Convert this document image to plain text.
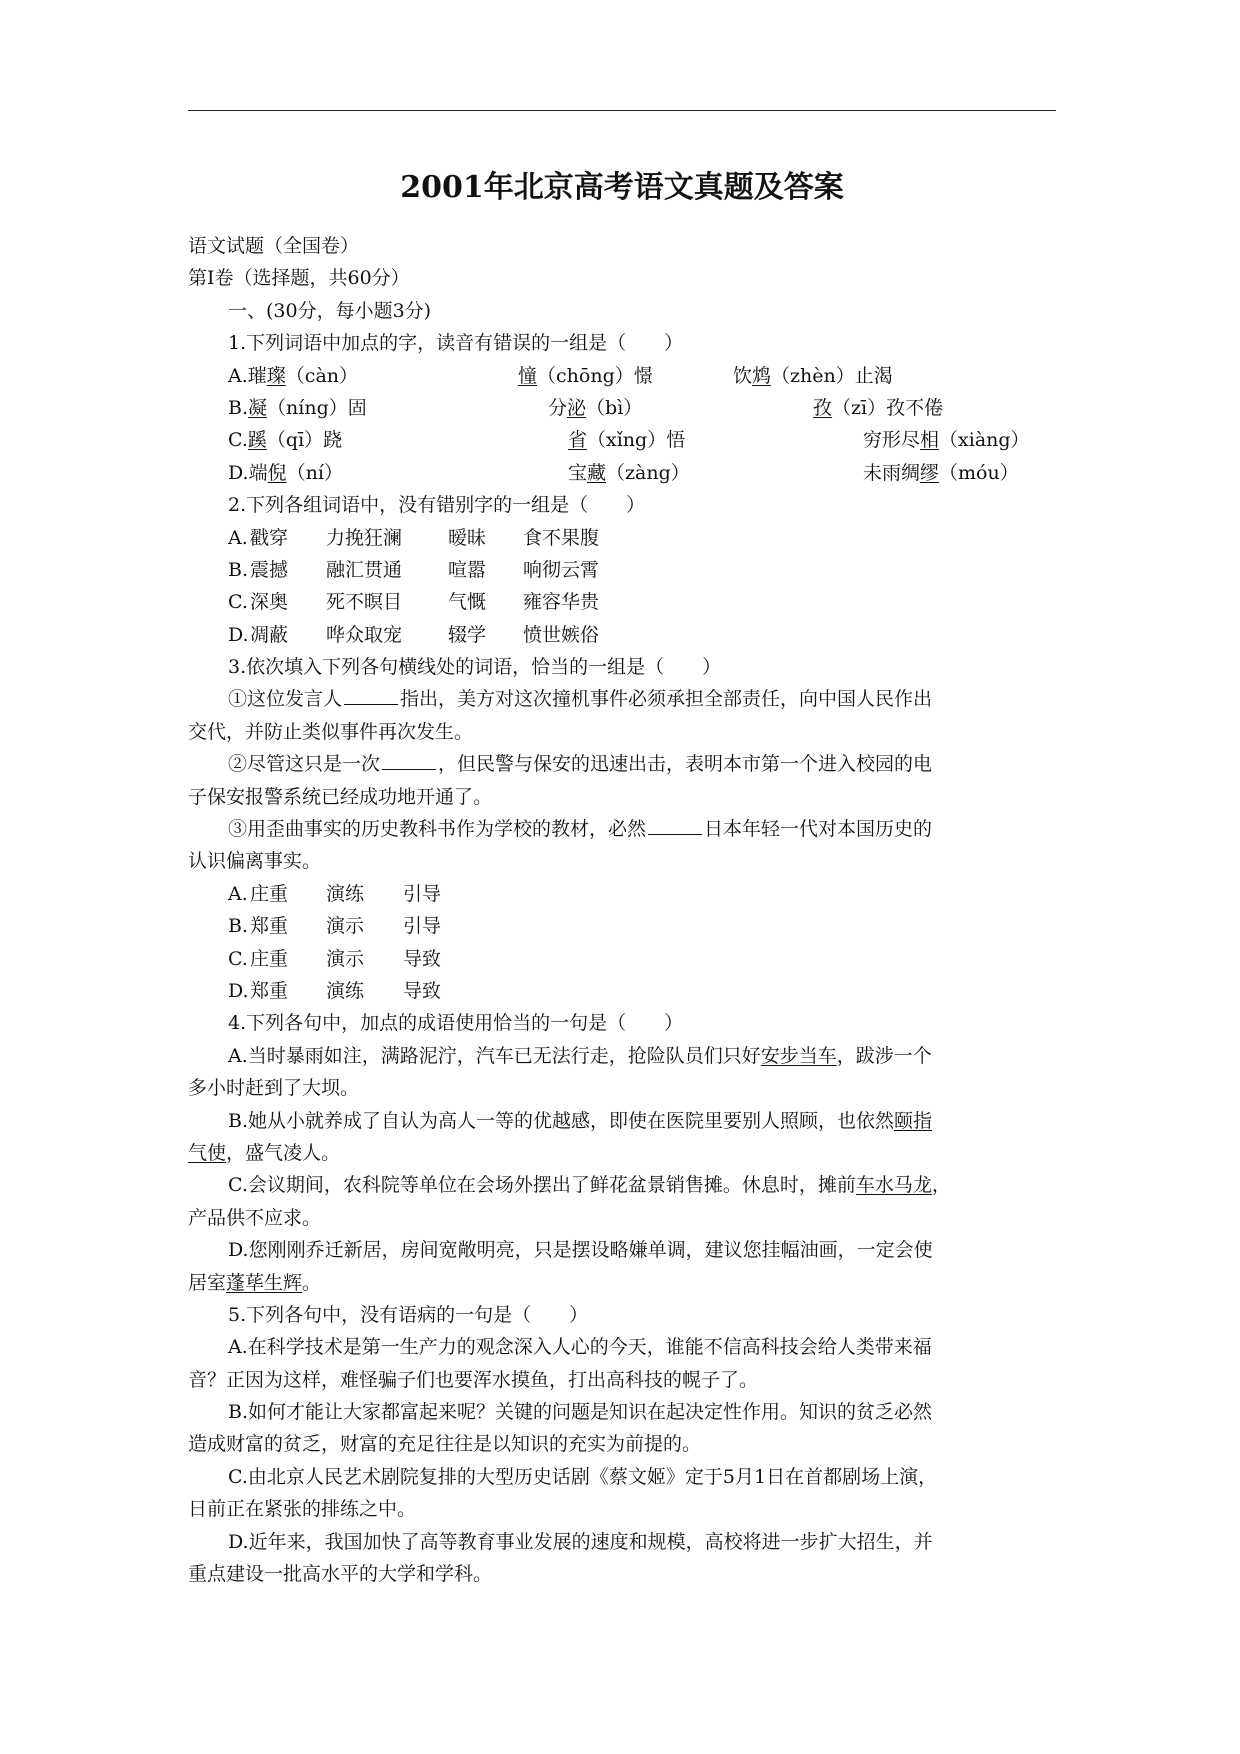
2001年北京高考语文真题及答案
语文试题（全国卷）
第Ⅰ卷（选择题，共60分）
一、(30分，每小题3分)
1.下列词语中加点的字，读音有错误的一组是（　　）
A.璀璨（càn）	憧（chōng）憬	饮鸩（zhèn）止渴
B.凝（níng）固	分泌（bì）	孜（zī）孜不倦
C.蹊（qī）跷	省（xǐng）悟	穷形尽相（xiàng）
D.端倪（ní）	宝藏（zàng）	未雨绸缪（móu）
2.下列各组词语中，没有错别字的一组是（　　）
A. 戳穿 力挽狂澜 暧昧 食不果腹
B. 震撼 融汇贯通 喧嚣 响彻云霄
C. 深奥 死不暝目 气慨 雍容华贵
D. 凋蔽 哗众取宠 辍学 愤世嫉俗
3.依次填入下列各句横线处的词语，恰当的一组是（　　）
①这位发言人	指出，美方对这次撞机事件必须承担全部责任，向中国人民作出
交代，并防止类似事件再次发生。
②尽管这只是一次	，但民警与保安的迅速出击，表明本市第一个进入校园的电
子保安报警系统已经成功地开通了。
③用歪曲事实的历史教科书作为学校的教材，必然	日本年轻一代对本国历史的
认识偏离事实。
A. 庄重 演练 引导
B. 郑重 演示 引导
C. 庄重 演示 导致
D. 郑重 演练 导致
4.下列各句中，加点的成语使用恰当的一句是（　　）
A.当时暴雨如注，满路泥泞，汽车已无法行走，抢险队员们只好安步当车，跋涉一个
多小时赶到了大坝。
B.她从小就养成了自认为高人一等的优越感，即使在医院里要别人照顾，也依然颐指
气使，盛气凌人。
C.会议期间，农科院等单位在会场外摆出了鲜花盆景销售摊。休息时，摊前车水马龙，
产品供不应求。
D.您刚刚乔迁新居，房间宽敞明亮，只是摆设略嫌单调，建议您挂幅油画，一定会使
居室蓬荜生辉。
5.下列各句中，没有语病的一句是（　　）
A.在科学技术是第一生产力的观念深入人心的今天，谁能不信高科技会给人类带来福
音？正因为这样，难怪骗子们也要浑水摸鱼，打出高科技的幌子了。
B.如何才能让大家都富起来呢？关键的问题是知识在起决定性作用。知识的贫乏必然
造成财富的贫乏，财富的充足往往是以知识的充实为前提的。
C.由北京人民艺术剧院复排的大型历史话剧《蔡文姬》定于5月1日在首都剧场上演，
日前正在紧张的排练之中。
D.近年来，我国加快了高等教育事业发展的速度和规模，高校将进一步扩大招生，并
重点建设一批高水平的大学和学科。
